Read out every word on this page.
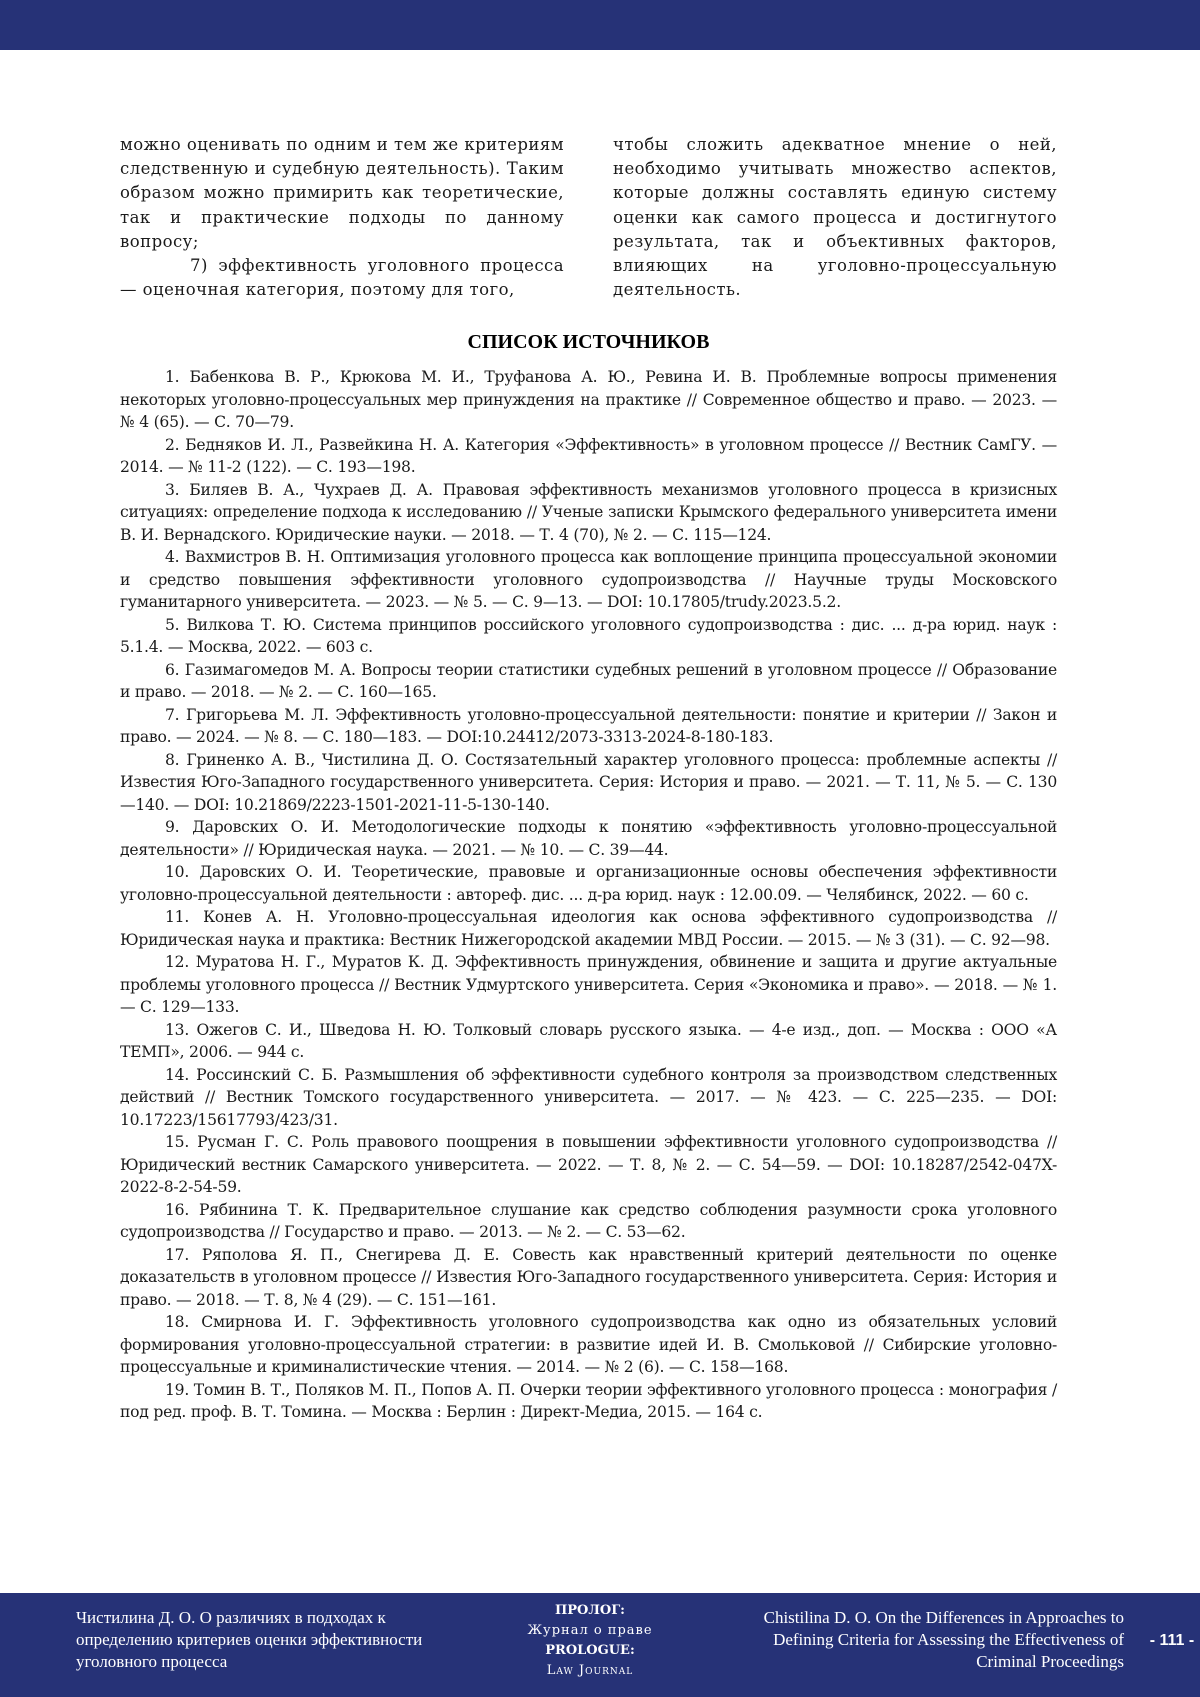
можно оценивать по одним и тем же критериям следственную и судебную деятельность). Таким образом можно примирить как теоретические, так и практические подходы по данному вопросу;

7) эффективность уголовного процесса — оценочная категория, поэтому для того,

чтобы сложить адекватное мнение о ней, необходимо учитывать множество аспектов, которые должны составлять единую систему оценки как самого процесса и достигнутого результата, так и объективных факторов, влияющих на уголовно-процессуальную деятельность.

СПИСОК ИСТОЧНИКОВ
1. Бабенкова В. Р., Крюкова М. И., Труфанова А. Ю., Ревина И. В. Проблемные вопросы применения некоторых уголовно-процессуальных мер принуждения на практике // Современное общество и право. — 2023. — № 4 (65). — С. 70—79.
2. Бедняков И. Л., Развейкина Н. А. Категория «Эффективность» в уголовном процессе // Вестник СамГУ. — 2014. — № 11-2 (122). — С. 193—198.
3. Биляев В. А., Чухраев Д. А. Правовая эффективность механизмов уголовного процесса в кризисных ситуациях: определение подхода к исследованию // Ученые записки Крымского федерального университета имени В. И. Вернадского. Юридические науки. — 2018. — Т. 4 (70), № 2. — С. 115—124.
4. Вахмистров В. Н. Оптимизация уголовного процесса как воплощение принципа процессуальной экономии и средство повышения эффективности уголовного судопроизводства // Научные труды Московского гуманитарного университета. — 2023. — № 5. — С. 9—13. — DOI: 10.17805/trudy.2023.5.2.
5. Вилкова Т. Ю. Система принципов российского уголовного судопроизводства : дис. ... д-ра юрид. наук : 5.1.4. — Москва, 2022. — 603 с.
6. Газимагомедов М. А. Вопросы теории статистики судебных решений в уголовном процессе // Образование и право. — 2018. — № 2. — С. 160—165.
7. Григорьева М. Л. Эффективность уголовно-процессуальной деятельности: понятие и критерии // Закон и право. — 2024. — № 8. — С. 180—183. — DOI:10.24412/2073-3313-2024-8-180-183.
8. Гриненко А. В., Чистилина Д. О. Состязательный характер уголовного процесса: проблемные аспекты // Известия Юго-Западного государственного университета. Серия: История и право. — 2021. — Т. 11, № 5. — С. 130—140. — DOI: 10.21869/2223-1501-2021-11-5-130-140.
9. Даровских О. И. Методологические подходы к понятию «эффективность уголовно-процессуальной деятельности» // Юридическая наука. — 2021. — № 10. — С. 39—44.
10. Даровских О. И. Теоретические, правовые и организационные основы обеспечения эффективности уголовно-процессуальной деятельности : автореф. дис. ... д-ра юрид. наук : 12.00.09. — Челябинск, 2022. — 60 с.
11. Конев А. Н. Уголовно-процессуальная идеология как основа эффективного судопроизводства // Юридическая наука и практика: Вестник Нижегородской академии МВД России. — 2015. — № 3 (31). — С. 92—98.
12. Муратова Н. Г., Муратов К. Д. Эффективность принуждения, обвинение и защита и другие актуальные проблемы уголовного процесса // Вестник Удмуртского университета. Серия «Экономика и право». — 2018. — № 1. — С. 129—133.
13. Ожегов С. И., Шведова Н. Ю. Толковый словарь русского языка. — 4-е изд., доп. — Москва : ООО «А ТЕМП», 2006. — 944 с.
14. Россинский С. Б. Размышления об эффективности судебного контроля за производством следственных действий // Вестник Томского государственного университета. — 2017. — № 423. — С. 225—235. — DOI: 10.17223/15617793/423/31.
15. Русман Г. С. Роль правового поощрения в повышении эффективности уголовного судопроизводства // Юридический вестник Самарского университета. — 2022. — Т. 8, № 2. — С. 54—59. — DOI: 10.18287/2542-047X-2022-8-2-54-59.
16. Рябинина Т. К. Предварительное слушание как средство соблюдения разумности срока уголовного судопроизводства // Государство и право. — 2013. — № 2. — С. 53—62.
17. Ряполова Я. П., Снегирева Д. Е. Совесть как нравственный критерий деятельности по оценке доказательств в уголовном процессе // Известия Юго-Западного государственного университета. Серия: История и право. — 2018. — Т. 8, № 4 (29). — С. 151—161.
18. Смирнова И. Г. Эффективность уголовного судопроизводства как одно из обязательных условий формирования уголовно-процессуальной стратегии: в развитие идей И. В. Смольковой // Сибирские уголовно-процессуальные и криминалистические чтения. — 2014. — № 2 (6). — С. 158—168.
19. Томин В. Т., Поляков М. П., Попов А. П. Очерки теории эффективного уголовного процесса : монография / под ред. проф. В. Т. Томина. — Москва : Берлин : Директ-Медиа, 2015. — 164 с.
Чистилина Д. О. О различиях в подходах к определению критериев оценки эффективности уголовного процесса
ПРОЛОГ:
Журнал о праве
PROLOGUE:
Law Journal
Chistilina D. O. On the Differences in Approaches to Defining Criteria for Assessing the Effectiveness of Criminal Proceedings
- 111 -
